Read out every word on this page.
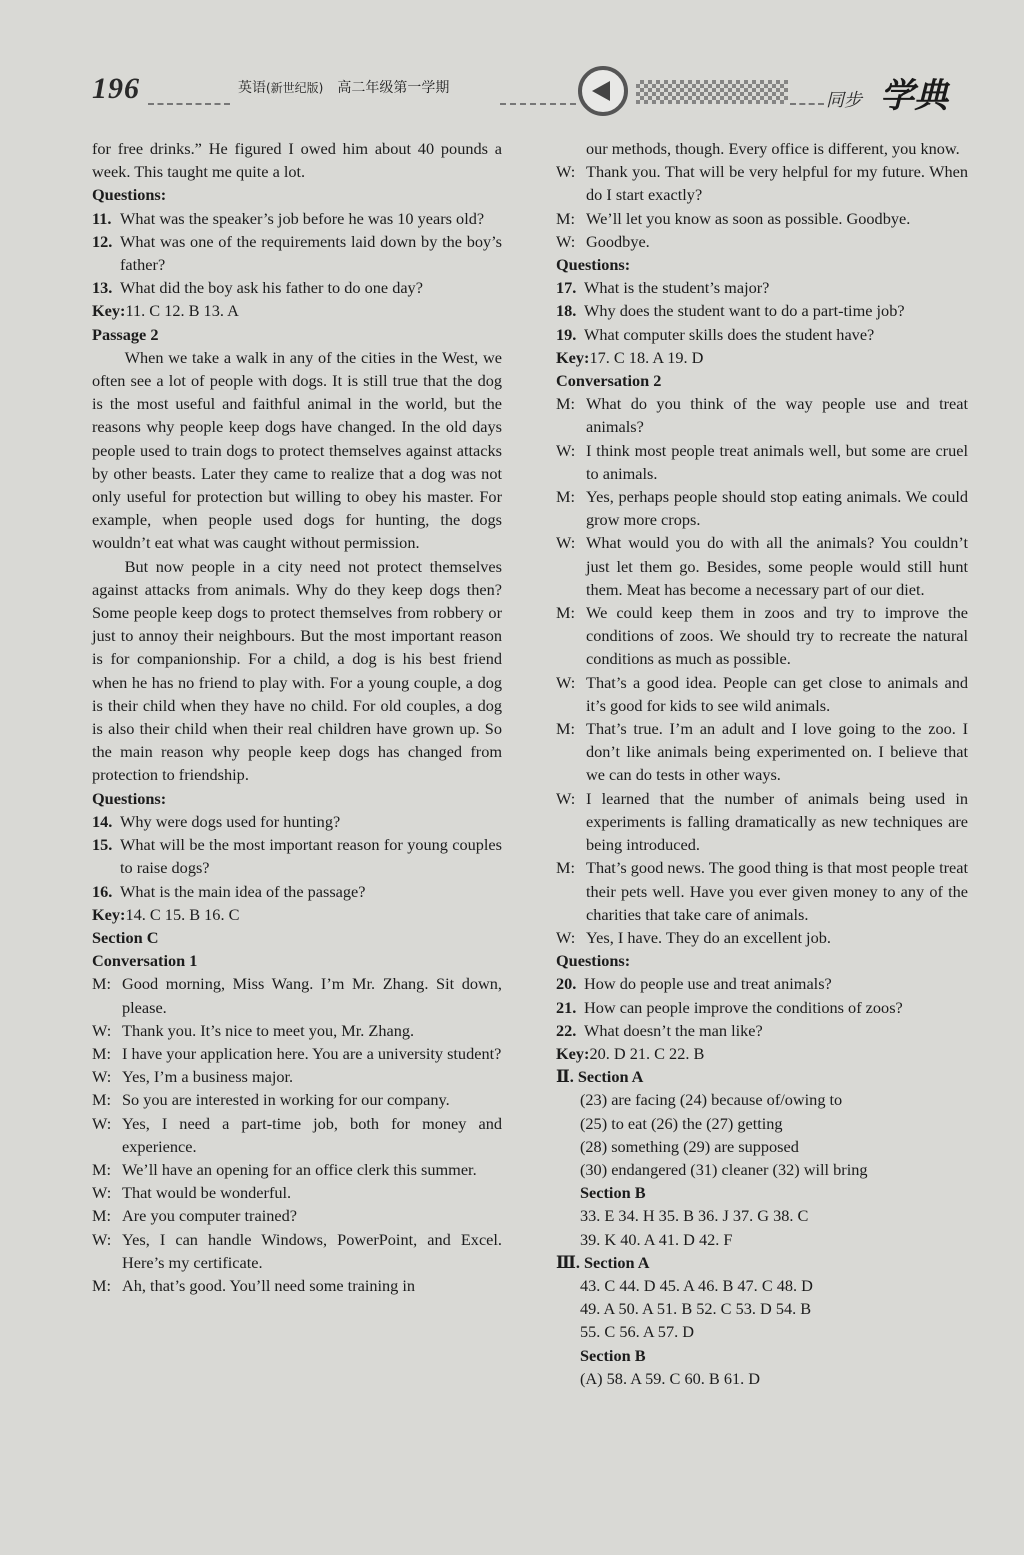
196	英语(新世纪版) 高二年级第一学期
同步 学典

for free drinks.” He figured I owed him about 40 pounds a week. This taught me quite a lot.

Questions:

11. What was the speaker’s job before he was 10 years old?

12. What was one of the requirements laid down by the boy’s father?

13. What did the boy ask his father to do one day?

Key:11. C 12. B 13. A

Passage 2

When we take a walk in any of the cities in the West, we often see a lot of people with dogs. It is still true that the dog is the most useful and faithful animal in the world, but the reasons why people keep dogs have changed. In the old days people used to train dogs to protect themselves against attacks by other beasts. Later they came to realize that a dog was not only useful for protection but willing to obey his master. For example, when people used dogs for hunting, the dogs wouldn’t eat what was caught without permission.

But now people in a city need not protect themselves against attacks from animals. Why do they keep dogs then? Some people keep dogs to protect themselves from robbery or just to annoy their neighbours. But the most important reason is for companionship. For a child, a dog is his best friend when he has no friend to play with. For a young couple, a dog is their child when they have no child. For old couples, a dog is also their child when their real children have grown up. So the main reason why people keep dogs has changed from protection to friendship.

Questions:

14. Why were dogs used for hunting?

15. What will be the most important reason for young couples to raise dogs?

16. What is the main idea of the passage?

Key:14. C 15. B 16. C

Section C

Conversation 1

M: Good morning, Miss Wang. I’m Mr. Zhang. Sit down, please.

W: Thank you. It’s nice to meet you, Mr. Zhang.

M: I have your application here. You are a university student?

W: Yes, I’m a business major.

M: So you are interested in working for our company.

W: Yes, I need a part-time job, both for money and experience.

M: We’ll have an opening for an office clerk this summer.

W: That would be wonderful.

M: Are you computer trained?

W: Yes, I can handle Windows, PowerPoint, and Excel. Here’s my certificate.

M: Ah, that’s good. You’ll need some training in

our methods, though. Every office is different, you know.

W: Thank you. That will be very helpful for my future. When do I start exactly?

M: We’ll let you know as soon as possible. Goodbye.

W: Goodbye.

Questions:

17. What is the student’s major?

18. Why does the student want to do a part-time job?

19. What computer skills does the student have?

Key:17. C 18. A 19. D

Conversation 2

M: What do you think of the way people use and treat animals?

W: I think most people treat animals well, but some are cruel to animals.

M: Yes, perhaps people should stop eating animals. We could grow more crops.

W: What would you do with all the animals? You couldn’t just let them go. Besides, some people would still hunt them. Meat has become a necessary part of our diet.

M: We could keep them in zoos and try to improve the conditions of zoos. We should try to recreate the natural conditions as much as possible.

W: That’s a good idea. People can get close to animals and it’s good for kids to see wild animals.

M: That’s true. I’m an adult and I love going to the zoo. I don’t like animals being experimented on. I believe that we can do tests in other ways.

W: I learned that the number of animals being used in experiments is falling dramatically as new techniques are being introduced.

M: That’s good news. The good thing is that most people treat their pets well. Have you ever given money to any of the charities that take care of animals.

W: Yes, I have. They do an excellent job.

Questions:

20. How do people use and treat animals?

21. How can people improve the conditions of zoos?

22. What doesn’t the man like?

Key:20. D 21. C 22. B

Ⅱ. Section A

(23) are facing (24) because of/owing to

(25) to eat (26) the (27) getting

(28) something (29) are supposed

(30) endangered (31) cleaner (32) will bring

Section B

33. E 34. H 35. B 36. J 37. G 38. C

39. K 40. A 41. D 42. F

Ⅲ. Section A

43. C 44. D 45. A 46. B 47. C 48. D

49. A 50. A 51. B 52. C 53. D 54. B

55. C 56. A 57. D

Section B

(A) 58. A 59. C 60. B 61. D
